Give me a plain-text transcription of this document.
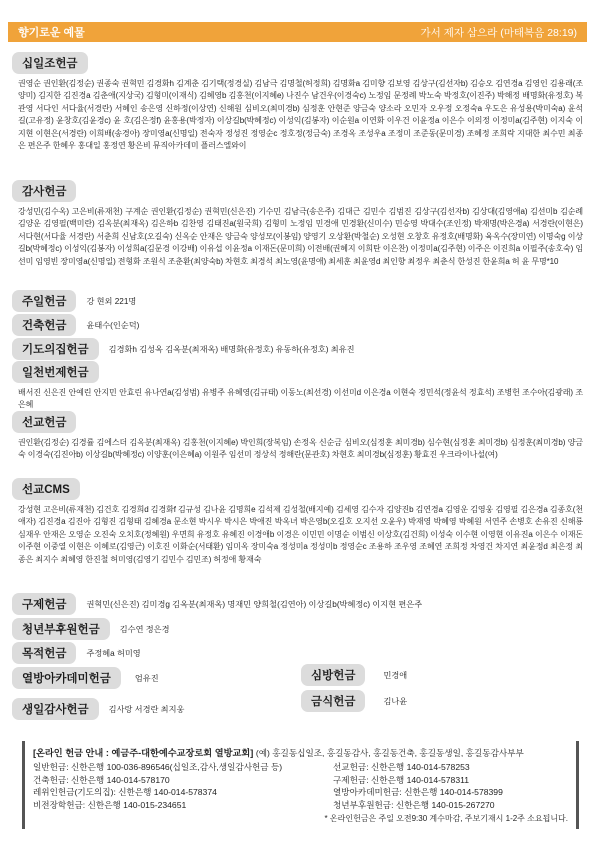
향기로운 예물	가서 제자 삼으라 (마태복음 28:19)
십일조헌금
권영순 권인환(김정순) 권종숙 권혁민 김경화h 김계춘 김기택(정경실) 김남극 김명철(허정희) 김명화a 김미향 김보영 김상구(김선자b) 김승오 김연경a 김영인 김용래(조양미) 김지한 김진경a 김춘애(지상국) 김형미(이재식) 김혜영b 김홍천(이지혜e) 나진수 남건우(이경숙c) 노정임 문정례 박노숙 박정호(이진주) 박해정 배명화(유정호) 복관영 서다인 서다율(서경란) 서혜인 송은영 신하정(이상연) 신해원 심비오(최미경b) 심정훈 안현준 양금숙 양소라 오민자 오우정 오정숙a 우도은 유성용(박미숙a) 윤석길(고유정) 윤창호(김윤경c) 윤 호(김은정f) 윤홍용(박정자) 이상길b(박혜정c) 이성익(김봉자) 이순원a 이연화 이우건 이윤정a 이은수 이의정 이정미a(김주현) 이지숙 이지현 이현은(서경란) 이희배(송경아) 장미영a(신명일) 전숙자 정성진 정영순c 정호정(정금숙) 조경옥 조성우a 조정미 조준동(문미경) 조혜정 조희락 지대한 최수민 최종은 편은주 한혜우 홍대일 홍정연 황은비 뮤직아카데미 플러스엘와이
감사헌금
강성민(김수옥) 고은비(류재천) 구계순 권인환(김정순) 권혁민(신은진) 기수민 김남극(송은주) 김대근 김민수 김범진 김상구(김선자b) 김상대(김영애a) 김선미b 김순례 김양운 김영필(백미란) 김옥분(최재옥) 김은하b 김찬영 김태진a(원국희) 김형미 노정임 민경애 민경환(신미수) 민승영 박대수(조인정) 박재명(박은경a) 서경란(이현은) 서다현(서다율 서경란) 서춘희 신남호(오길숙) 신옥순 안재은 양금숙 양성모(이봉임) 양영기 오상환(박철순) 오성현 오창호 유정호(배명화) 육옥수(장미연) 이명숙g 이상길b(박혜정c) 이성익(김봉자) 이성희a(김문경 이강배) 이유섭 이윤정a 이재돈(문미희) 이전배(권혜지 이희탄 이은찬) 이정미a(김주현) 이주은 이진희a 이필주(송호숙) 임선미 임영빈 장미영a(신명일) 전형화 조원식 조춘환(최양숙b) 차현호 최경석 최노영(윤명애) 최세훈 최윤영d 최인향 최정우 최춘식 한성진 한윤희a 허 윤 무명*10
주일헌금	강 현외 221명
건축헌금	윤태수(인순덕)
기도의집헌금	김경화h 김성옥 김옥분(최재옥) 배명화(유정호) 유동하(유정호) 최유진
일천번제헌금
배서진 신은진 안예린 안지민 안효린 유나연a(김성범) 유병주 유혜영(김규태) 이동노(최선경) 이선미d 이은경a 이현숙 정민석(정윤석 정효석) 조병헌 조수아(김광래) 조은혜
선교헌금
권인환(김정순) 김경률 김에스더 김옥분(최재옥) 김홍천(이지혜e) 박인희(장복임) 손정옥 신순금 심비오(심정훈 최미경b) 심수현(심정훈 최미경b) 심정훈(최미경b) 양금숙 이경숙(김진아b) 이상길b(박혜정c) 이양훈(이은혜a) 이원주 임선미 정상석 정해란(문관호) 차현호 최미경b(심정훈) 황효진 우크라이나설(여)
선교CMS
강성현 고은비(류재천) 김건호 김경희d 김경화f 김규성 김나윤 김명희e 김석제 김성철(배지예) 김세영 김수자 김양진b 김연경a 김영운 김영웅 김영필 김은경a 김종호(천애자) 김진경a 김진아 김형진 김형태 김혜경a 문소현 박시우 박시은 박애진 박옥녀 박은영b(오길호 오지선 오윤우) 박재영 박혜영 박혜원 서연주 손병호 손유진 신해룡 심재우 안재은 오영순 오진숙 오치호(정혜원) 우면희 유정호 유혜진 이경애b 이경은 이민민 이명순 이범신 이상호(김건희) 이성숙 이수현 이영현 이유진a 이은수 이재돈 이주현 이중열 이현은 이혜로(김영근) 이호진 이화순(서태환) 임미옥 장미숙a 정성미a 정성미b 정영순c 조용하 조우영 조혜연 조희정 차영건 차지연 최윤정d 최은정 최종은 최지수 최혜영 한진철 허미영(김영기 김민수 김민조) 허정애 황재숙
구제헌금	권혁민(신은진) 김미경g 김옥분(최재옥) 명재민 양희철(김연아) 이상길b(박혜정c) 이지현 편은주
청년부후원헌금	김수연 정은경
목적헌금	주정혜a 허미영
열방아카데미헌금	엄유진	심방헌금	민경애
생일감사헌금	김사랑 서경란 최지웅
금식헌금	김나윤
[온라인 헌금 안내 : 예금주-대한예수교장로회 열방교회] (예) 홍길동십일조, 홍길동감사, 홍길동건축, 홍길동생일, 홍길동감사부부
일반헌금: 신한은행 100-036-896546(십일조,감사,생일감사헌금 등)
건축헌금: 신한은행 140-014-578170
레위인헌금(기도의집): 신한은행 140-014-578374
비전장학헌금: 신한은행 140-015-234651
선교헌금: 신한은행 140-014-578253
구제헌금: 신한은행 140-014-578311
열방아카데미헌금: 신한은행 140-014-578399
청년부후원헌금: 신한은행 140-015-267270
* 온라인헌금은 주일 오전9:30 계수마감, 주보기재시 1-2주 소요됩니다.
